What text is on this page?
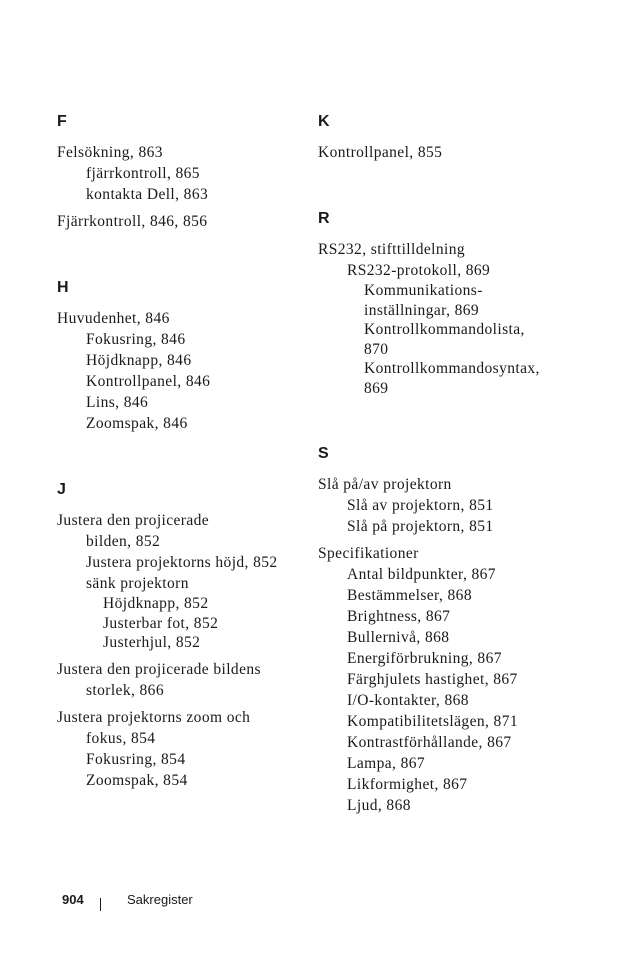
F
Felsökning, 863
fjärrkontroll, 865
kontakta Dell, 863
Fjärrkontroll, 846, 856
H
Huvudenhet, 846
Fokusring, 846
Höjdknapp, 846
Kontrollpanel, 846
Lins, 846
Zoomspak, 846
J
Justera den projicerade
bilden, 852
Justera projektorns höjd, 852
sänk projektorn
Höjdknapp, 852
Justerbar fot, 852
Justerhjul, 852
Justera den projicerade bildens
storlek, 866
Justera projektorns zoom och
fokus, 854
Fokusring, 854
Zoomspak, 854
K
Kontrollpanel, 855
R
RS232, stifttilldelning
RS232-protokoll, 869
Kommunikations-
inställningar, 869
Kontrollkommandolista,
870
Kontrollkommandosyntax,
869
S
Slå på/av projektorn
Slå av projektorn, 851
Slå på projektorn, 851
Specifikationer
Antal bildpunkter, 867
Bestämmelser, 868
Brightness, 867
Bullernivå, 868
Energiförbrukning, 867
Färghjulets hastighet, 867
I/O-kontakter, 868
Kompatibilitetslägen, 871
Kontrastförhållande, 867
Lampa, 867
Likformighet, 867
Ljud, 868
904	Sakregister
